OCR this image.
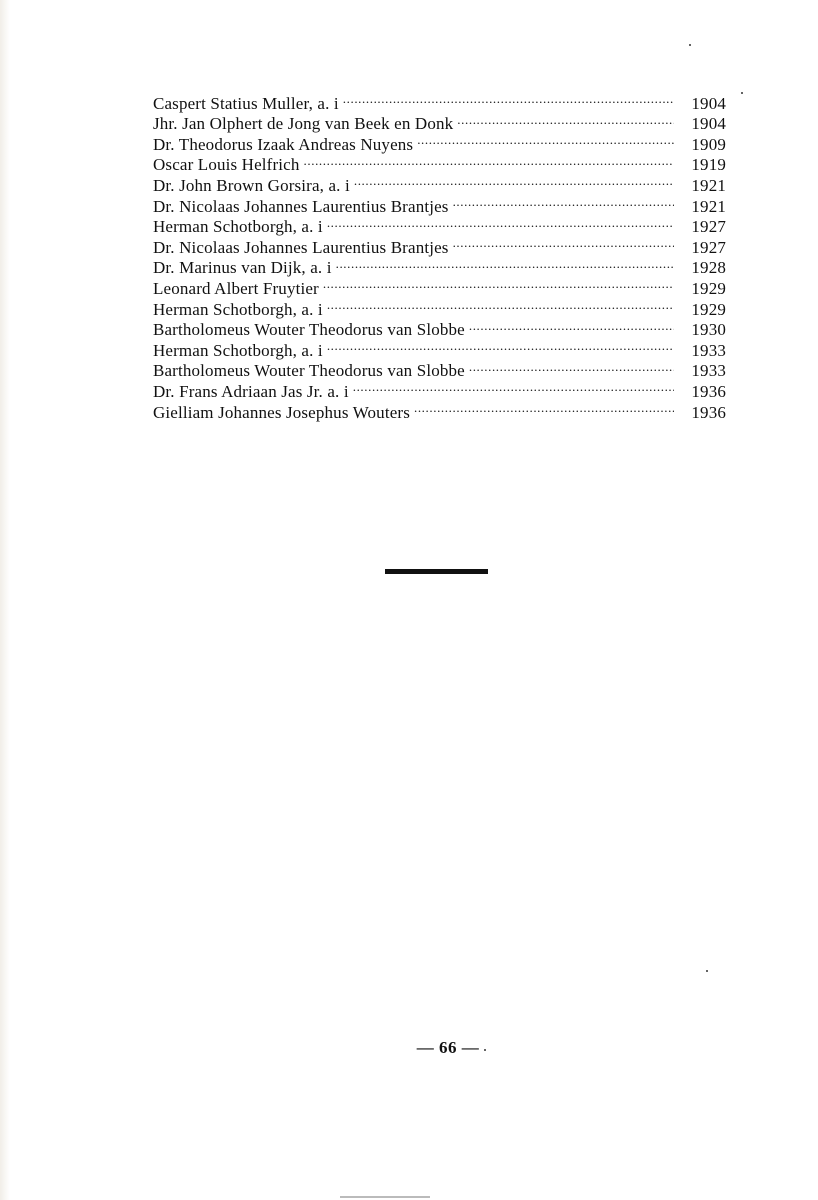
Caspert Statius Muller, a. i .....	1904
Jhr. Jan Olphert de Jong van Beek en Donk .....	1904
Dr. Theodorus Izaak Andreas Nuyens .....	1909
Oscar Louis Helfrich .....	1919
Dr. John Brown Gorsira, a. i .....	1921
Dr. Nicolaas Johannes Laurentius Brantjes .....	1921
Herman Schotborgh, a. i .....	1927
Dr. Nicolaas Johannes Laurentius Brantjes .....	1927
Dr. Marinus van Dijk, a. i .....	1928
Leonard Albert Fruytier .....	1929
Herman Schotborgh, a. i .....	1929
Bartholomeus Wouter Theodorus van Slobbe .....	1930
Herman Schotborgh, a. i .....	1933
Bartholomeus Wouter Theodorus van Slobbe .....	1933
Dr. Frans Adriaan Jas Jr. a. i .....	1936
Gielliam Johannes Josephus Wouters .....	1936
— 66 —
